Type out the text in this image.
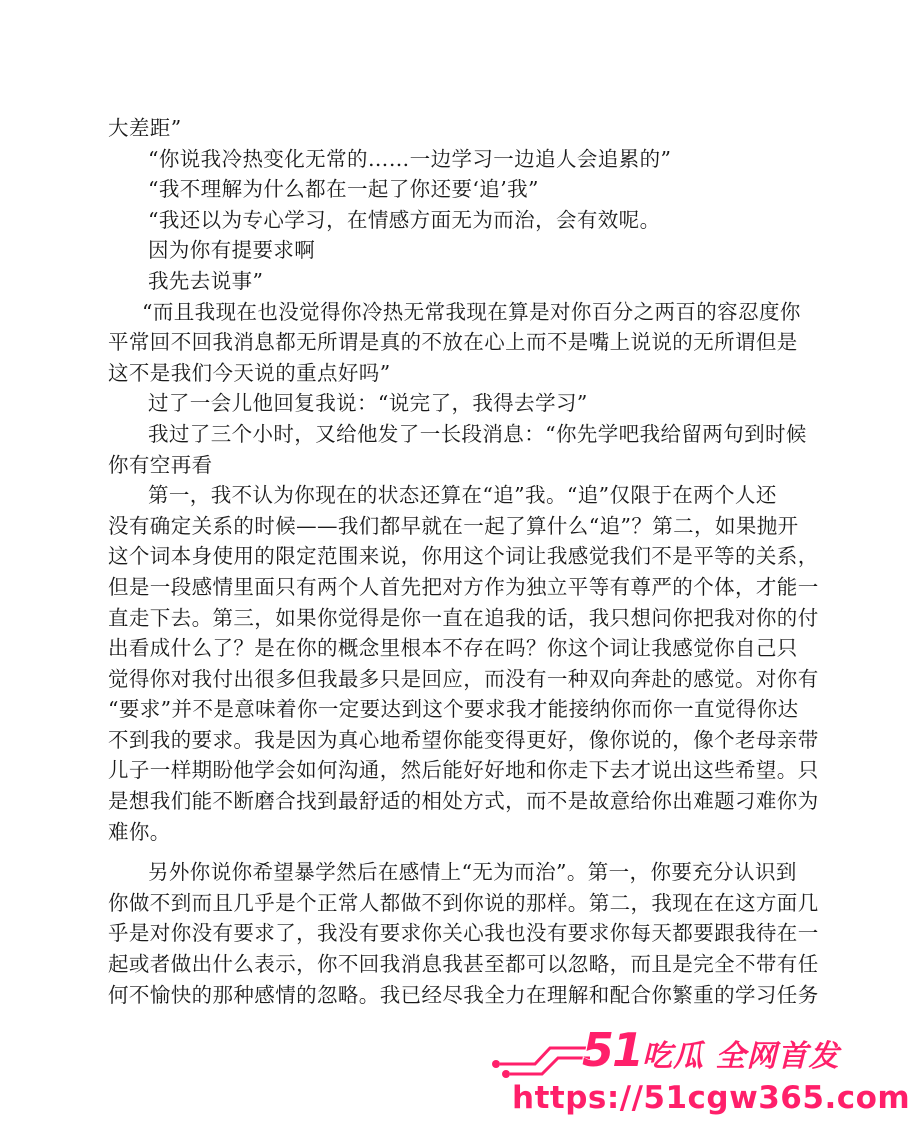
大差距”
“你说我冷热变化无常的……一边学习一边追人会追累的”
“我不理解为什么都在一起了你还要‘追’我”
“我还以为专心学习，在情感方面无为而治，会有效呢。
因为你有提要求啊
我先去说事”
“而且我现在也没觉得你冷热无常我现在算是对你百分之两百的容忍度你
平常回不回我消息都无所谓是真的不放在心上而不是嘴上说说的无所谓但是
这不是我们今天说的重点好吗”
过了一会儿他回复我说：“说完了，我得去学习”
我过了三个小时，又给他发了一长段消息：“你先学吧我给留两句到时候
你有空再看
第一，我不认为你现在的状态还算在“追”我。“追”仅限于在两个人还
没有确定关系的时候——我们都早就在一起了算什么“追”？第二，如果抛开
这个词本身使用的限定范围来说，你用这个词让我感觉我们不是平等的关系，
但是一段感情里面只有两个人首先把对方作为独立平等有尊严的个体，才能一
直走下去。第三，如果你觉得是你一直在追我的话，我只想问你把我对你的付
出看成什么了？是在你的概念里根本不存在吗？你这个词让我感觉你自己只
觉得你对我付出很多但我最多只是回应，而没有一种双向奔赴的感觉。对你有
“要求”并不是意味着你一定要达到这个要求我才能接纳你而你一直觉得你达
不到我的要求。我是因为真心地希望你能变得更好，像你说的，像个老母亲带
儿子一样期盼他学会如何沟通，然后能好好地和你走下去才说出这些希望。只
是想我们能不断磨合找到最舒适的相处方式，而不是故意给你出难题刁难你为
难你。
另外你说你希望暴学然后在感情上“无为而治”。第一，你要充分认识到
你做不到而且几乎是个正常人都做不到你说的那样。第二，我现在在这方面几
乎是对你没有要求了，我没有要求你关心我也没有要求你每天都要跟我待在一
起或者做出什么表示，你不回我消息我甚至都可以忽略，而且是完全不带有任
何不愉快的那种感情的忽略。我已经尽我全力在理解和配合你繁重的学习任务
51吃瓜 全网首发
https://51cgw365.com
